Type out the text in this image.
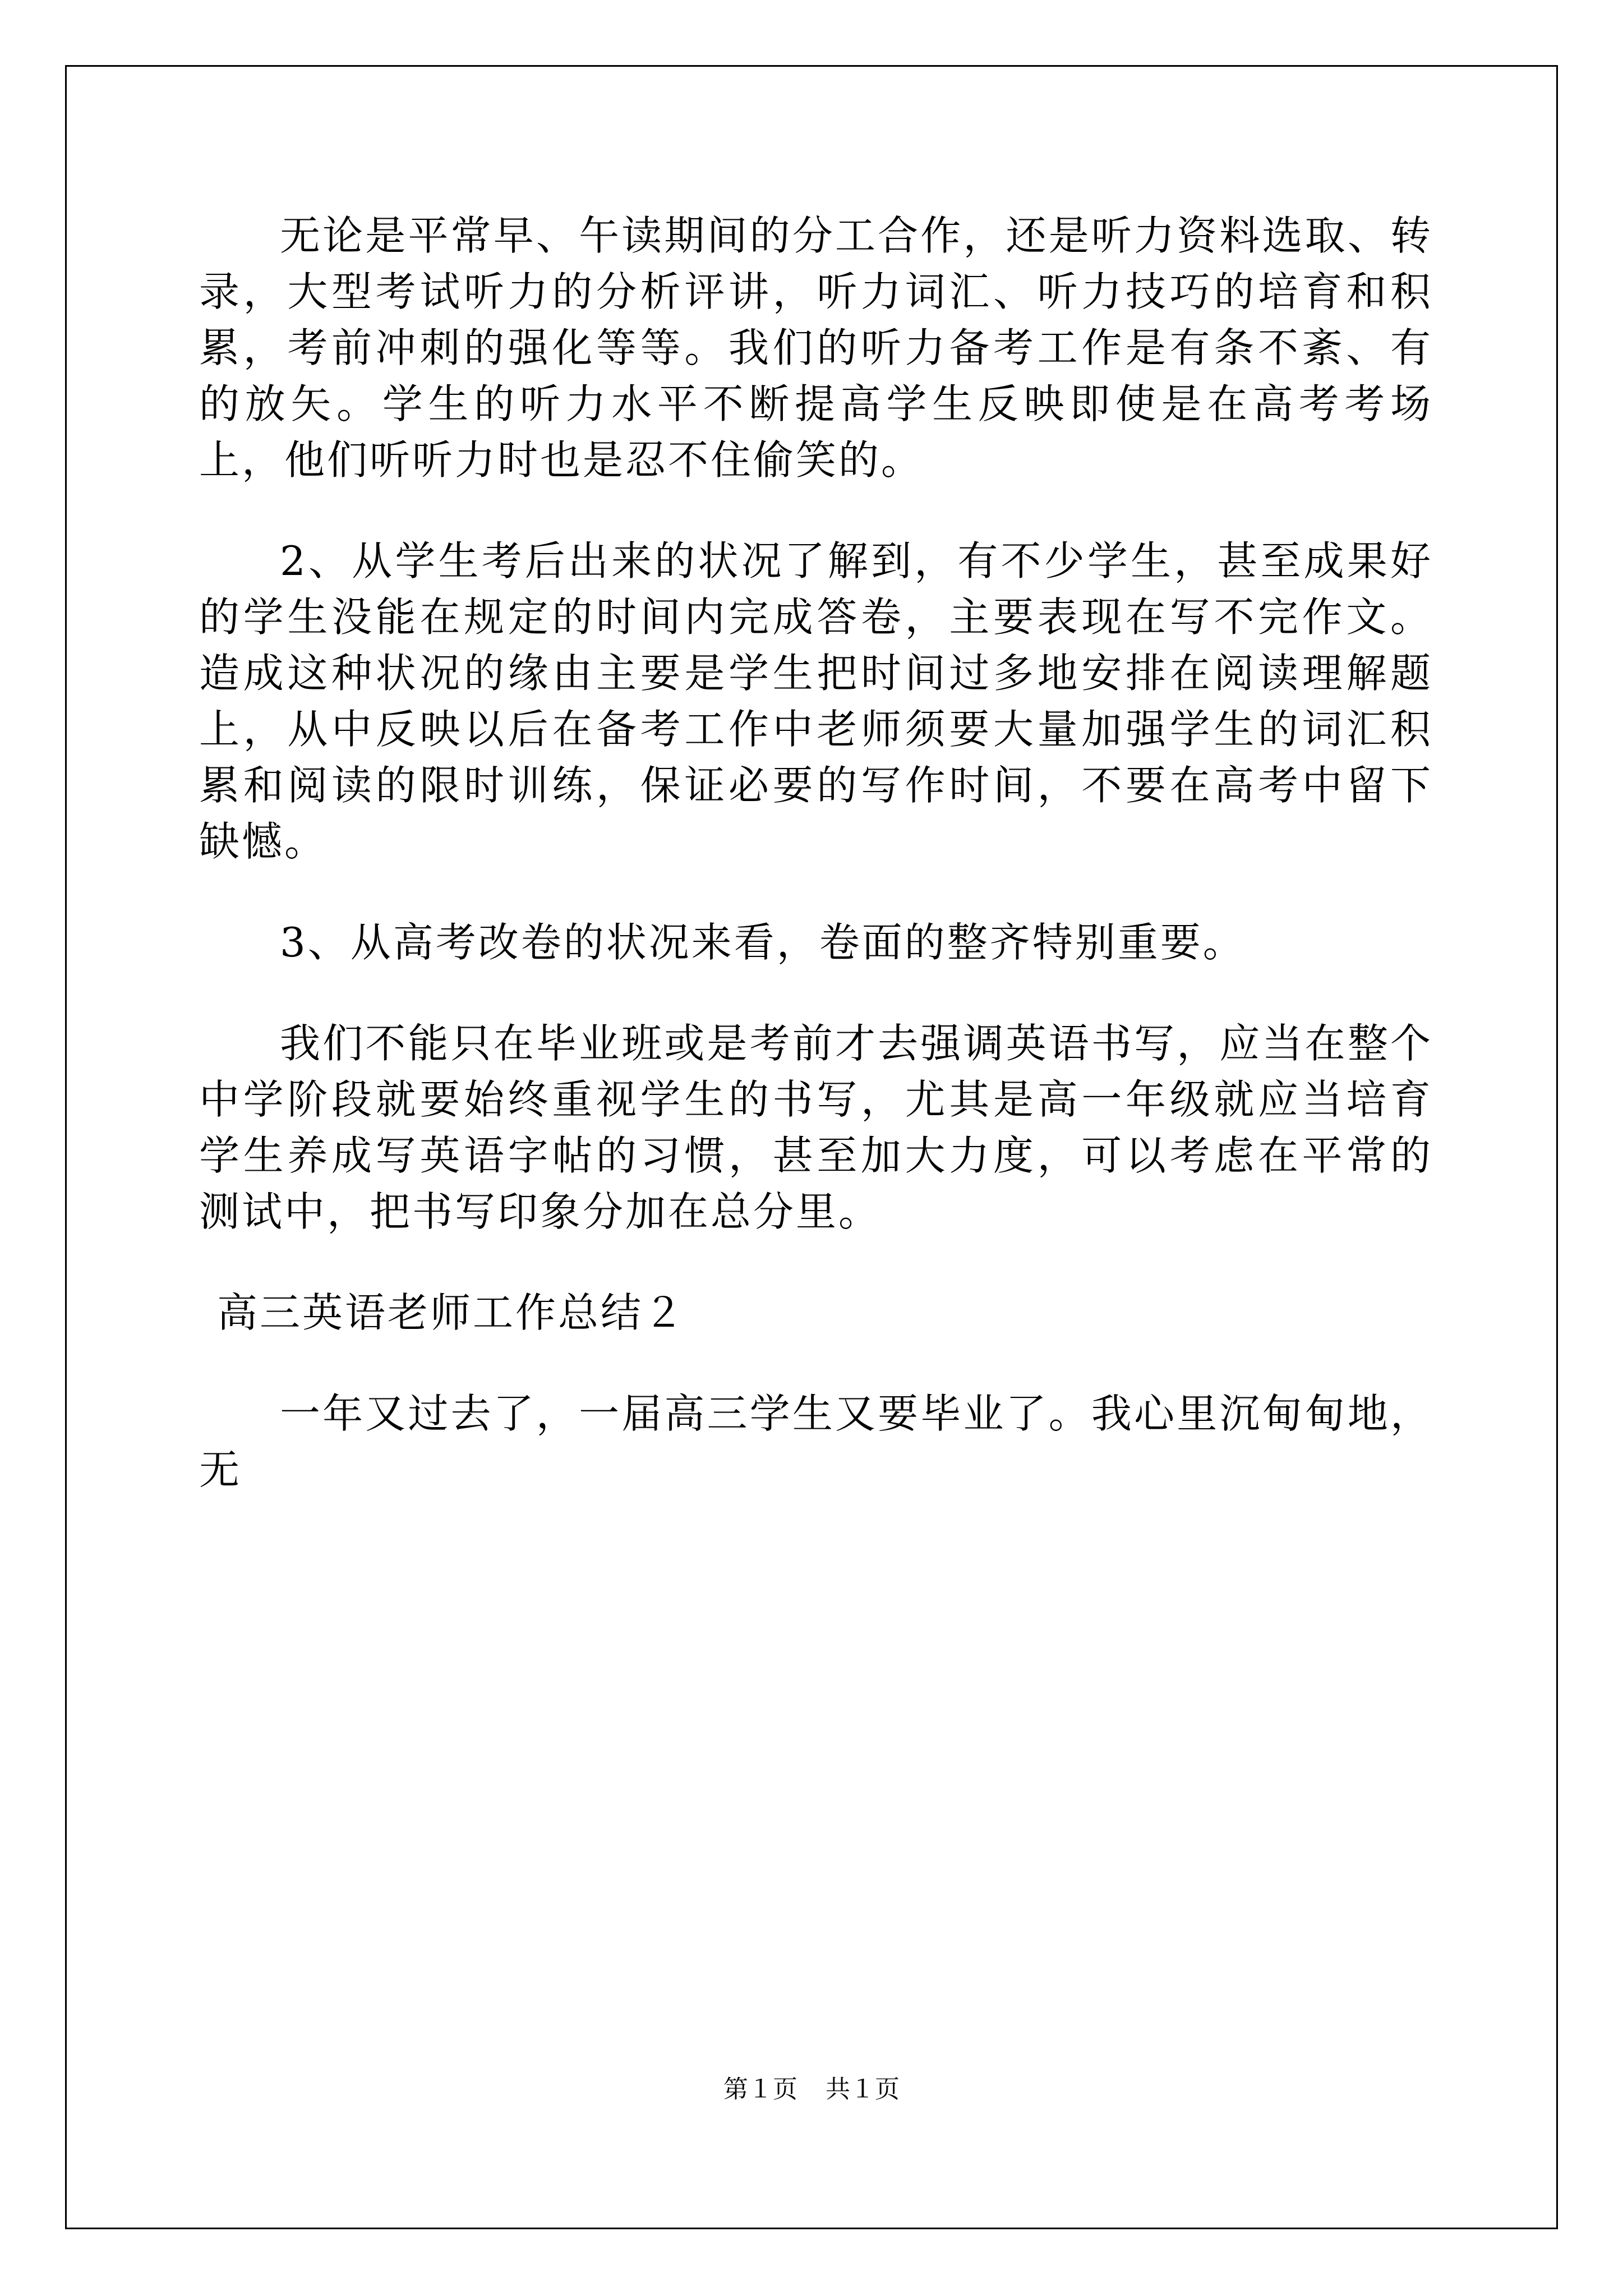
无论是平常早、午读期间的分工合作，还是听力资料选取、转录，大型考试听力的分析评讲，听力词汇、听力技巧的培育和积累，考前冲刺的强化等等。我们的听力备考工作是有条不紊、有的放矢。学生的听力水平不断提高学生反映即使是在高考考场上，他们听听力时也是忍不住偷笑的。

2、从学生考后出来的状况了解到，有不少学生，甚至成果好的学生没能在规定的时间内完成答卷，主要表现在写不完作文。造成这种状况的缘由主要是学生把时间过多地安排在阅读理解题上，从中反映以后在备考工作中老师须要大量加强学生的词汇积累和阅读的限时训练，保证必要的写作时间，不要在高考中留下缺憾。

3、从高考改卷的状况来看，卷面的整齐特别重要。

我们不能只在毕业班或是考前才去强调英语书写，应当在整个中学阶段就要始终重视学生的书写，尤其是高一年级就应当培育学生养成写英语字帖的习惯，甚至加大力度，可以考虑在平常的测试中，把书写印象分加在总分里。

高三英语老师工作总结２

一年又过去了，一届高三学生又要毕业了。我心里沉甸甸地，无

第１页 共１页
